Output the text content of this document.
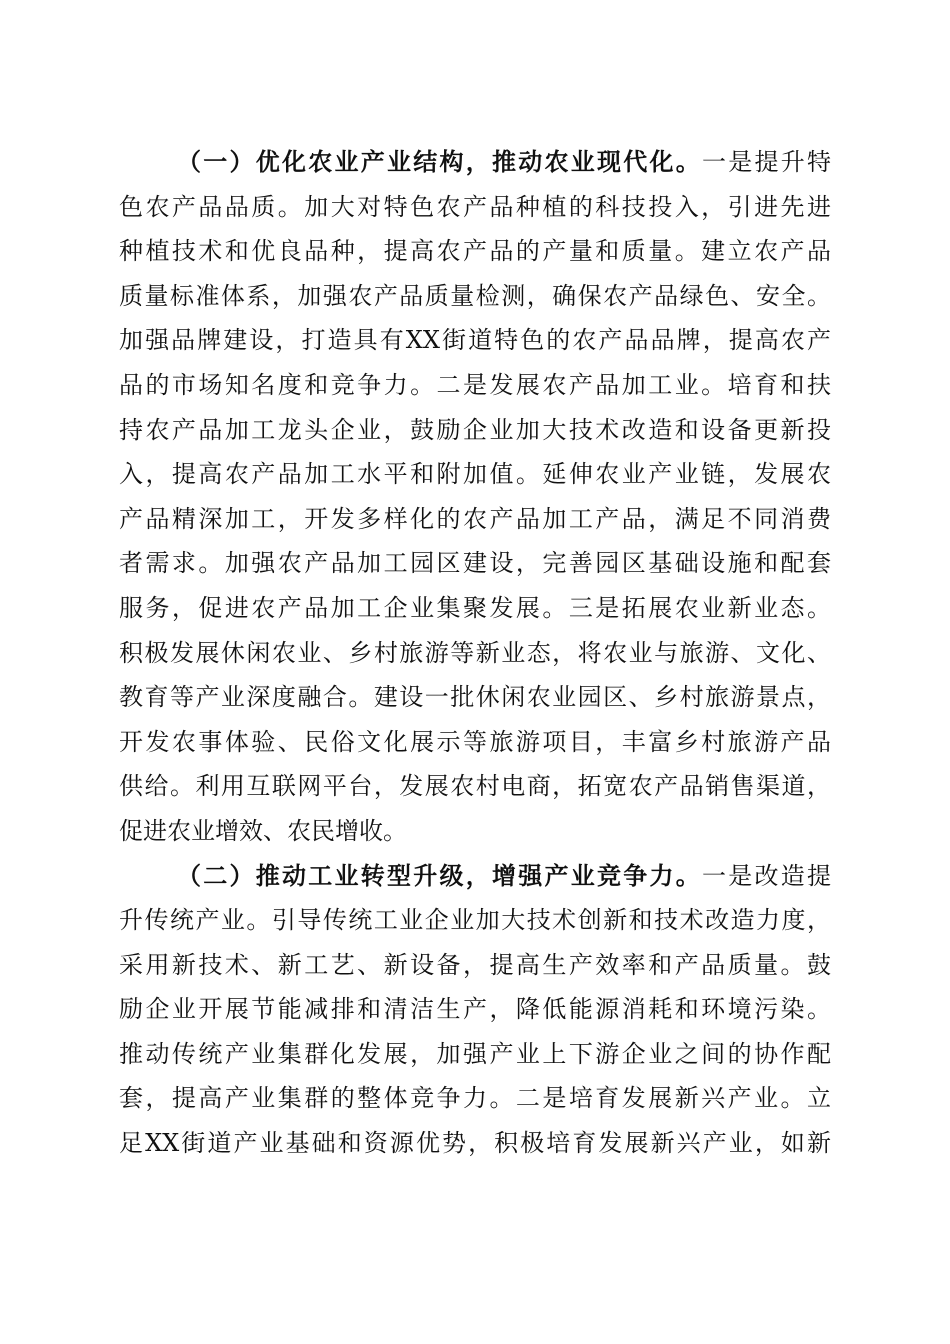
（一）优化农业产业结构，推动农业现代化。一是提升特
色农产品品质。加大对特色农产品种植的科技投入，引进先进
种植技术和优良品种，提高农产品的产量和质量。建立农产品
质量标准体系，加强农产品质量检测，确保农产品绿色、安全。
加强品牌建设，打造具有XX街道特色的农产品品牌，提高农产
品的市场知名度和竞争力。二是发展农产品加工业。培育和扶
持农产品加工龙头企业，鼓励企业加大技术改造和设备更新投
入，提高农产品加工水平和附加值。延伸农业产业链，发展农
产品精深加工，开发多样化的农产品加工产品，满足不同消费
者需求。加强农产品加工园区建设，完善园区基础设施和配套
服务，促进农产品加工企业集聚发展。三是拓展农业新业态。
积极发展休闲农业、乡村旅游等新业态，将农业与旅游、文化、
教育等产业深度融合。建设一批休闲农业园区、乡村旅游景点，
开发农事体验、民俗文化展示等旅游项目，丰富乡村旅游产品
供给。利用互联网平台，发展农村电商，拓宽农产品销售渠道，
促进农业增效、农民增收。
（二）推动工业转型升级，增强产业竞争力。一是改造提
升传统产业。引导传统工业企业加大技术创新和技术改造力度，
采用新技术、新工艺、新设备，提高生产效率和产品质量。鼓
励企业开展节能减排和清洁生产，降低能源消耗和环境污染。
推动传统产业集群化发展，加强产业上下游企业之间的协作配
套，提高产业集群的整体竞争力。二是培育发展新兴产业。立
足XX街道产业基础和资源优势，积极培育发展新兴产业，如新
